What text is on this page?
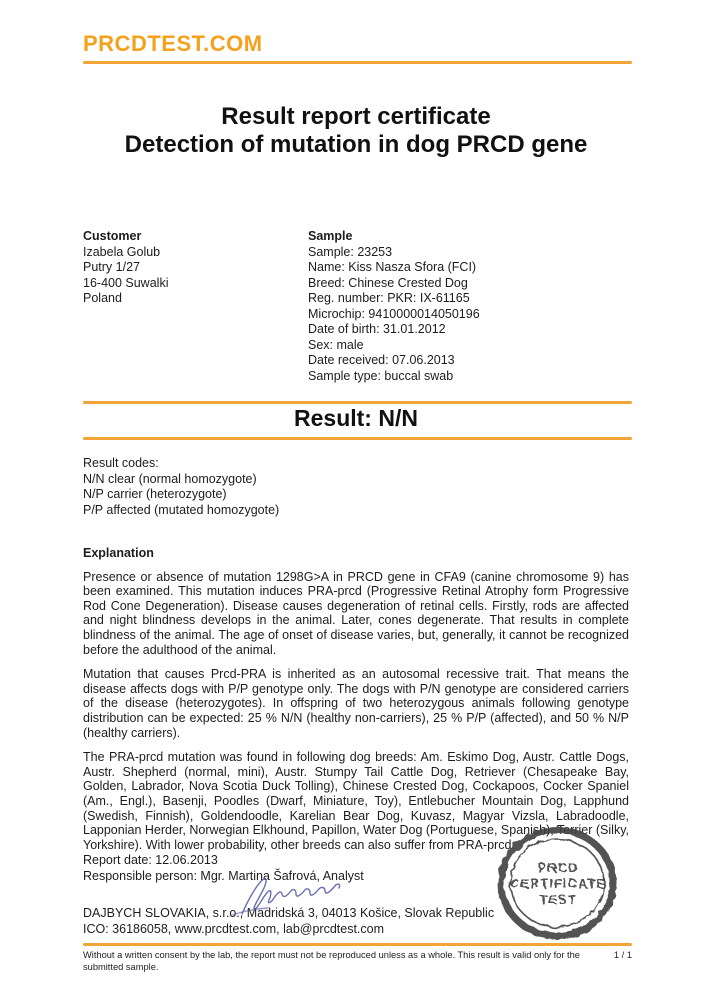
PRCDTEST.COM
Result report certificate
Detection of mutation in dog PRCD gene
Customer
Izabela Golub
Putry 1/27
16-400 Suwalki
Poland
Sample
Sample: 23253
Name: Kiss Nasza Sfora (FCI)
Breed: Chinese Crested Dog
Reg. number: PKR: IX-61165
Microchip: 9410000014050196
Date of birth: 31.01.2012
Sex: male
Date received: 07.06.2013
Sample type: buccal swab
Result: N/N
Result codes:
N/N clear (normal homozygote)
N/P carrier (heterozygote)
P/P affected (mutated homozygote)
Explanation

Presence or absence of mutation 1298G>A in PRCD gene in CFA9 (canine chromosome 9) has been examined. This mutation induces PRA-prcd (Progressive Retinal Atrophy form Progressive Rod Cone Degeneration). Disease causes degeneration of retinal cells. Firstly, rods are affected and night blindness develops in the animal. Later, cones degenerate. That results in complete blindness of the animal. The age of onset of disease varies, but, generally, it cannot be recognized before the adulthood of the animal.

Mutation that causes Prcd-PRA is inherited as an autosomal recessive trait. That means the disease affects dogs with P/P genotype only. The dogs with P/N genotype are considered carriers of the disease (heterozygotes). In offspring of two heterozygous animals following genotype distribution can be expected: 25 % N/N (healthy non-carriers), 25 % P/P (affected), and 50 % N/P (healthy carriers).

The PRA-prcd mutation was found in following dog breeds: Am. Eskimo Dog, Austr. Cattle Dogs, Austr. Shepherd (normal, mini), Austr. Stumpy Tail Cattle Dog, Retriever (Chesapeake Bay, Golden, Labrador, Nova Scotia Duck Tolling), Chinese Crested Dog, Cockapoos, Cocker Spaniel (Am., Engl.), Basenji, Poodles (Dwarf, Miniature, Toy), Entlebucher Mountain Dog, Lapphund (Swedish, Finnish), Goldendoodle, Karelian Bear Dog, Kuvasz, Magyar Vizsla, Labradoodle, Lapponian Herder, Norwegian Elkhound, Papillon, Water Dog (Portuguese, Spanish), Terrier (Silky, Yorkshire). With lower probability, other breeds can also suffer from PRA-prcd.

Report date: 12.06.2013
Responsible person: Mgr. Martina Šafrová, Analyst
DAJBYCH SLOVAKIA, s.r.o., Madridská 3, 04013 Košice, Slovak Republic
ICO: 36186058, www.prcdtest.com, lab@prcdtest.com
PRCD
CERTIFICATE
TEST
Without a written consent by the lab, the report must not be reproduced unless as a whole. This result is valid only for the submitted sample.
1 / 1
